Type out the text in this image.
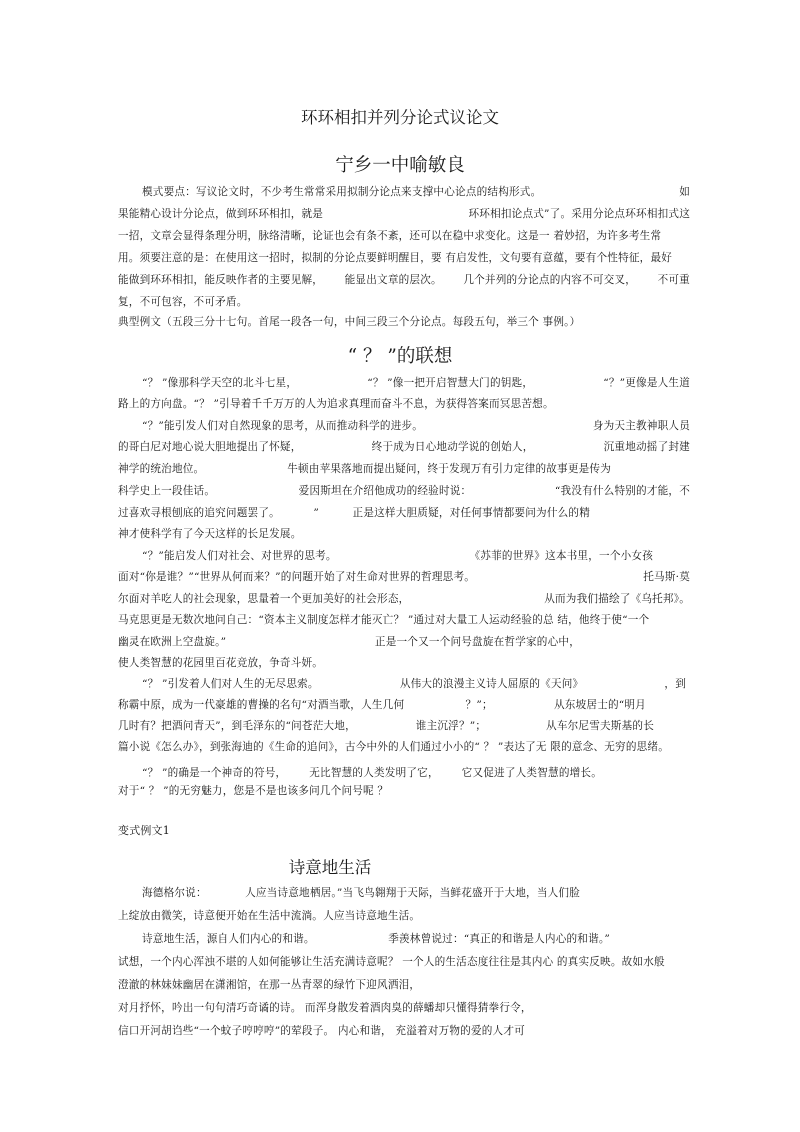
环环相扣并列分论式议论文
宁乡一中喻敏良
模式要点：写议论文时，不少考生常常采用拟制分论点来支撑中心论点的结构形式。	如
果能精心设计分论点，做到环环相扣，就是	环环相扣论点式”了。采用分论点环环相扣式这
一招，文章会显得条理分明，脉络清晰，论证也会有条不紊，还可以在稳中求变化。这是一 着妙招，为许多考生常
用。须要注意的是：在使用这一招时，拟制的分论点要鲜明醒目，要 有启发性，文句要有意蕴，要有个性特征，最好
能做到环环相扣，能反映作者的主要见解， 能显出文章的层次。 几个并列的分论点的内容不可交叉， 不可重
复，不可包容，不可矛盾。
典型例文（五段三分十七句。首尾一段各一句，中间三段三个分论点。每段五句，举三个 事例。）
“ ？ ”的联想
“？ ”像那科学天空的北斗七星，	“？ ”像一把开启智慧大门的钥匙，	“？”更像是人生道
路上的方向盘。“？ ”引导着千千万万的人为追求真理而奋斗不息，为获得答案而冥思苦想。
“？”能引发人们对自然现象的思考，从而推动科学的进步。	身为天主教神职人员
的哥白尼对地心说大胆地提出了怀疑，	终于成为日心地动学说的创始人，	沉重地动摇了封建
神学的统治地位。	牛顿由苹果落地而提出疑问，终于发现万有引力定律的故事更是传为
科学史上一段佳话。	爱因斯坦在介绍他成功的经验时说：	“我没有什么特别的才能，不
过喜欢寻根刨底的追究问题罢了。	”	正是这样大胆质疑，对任何事情都要问为什么的精
神才使科学有了今天这样的长足发展。
“？”能启发人们对社会、对世界的思考。	《苏菲的世界》这本书里，一个小女孩
面对“你是谁？”“世界从何而来？”的问题开始了对生命对世界的哲理思考。	托马斯·莫
尔面对羊吃人的社会现象，思量着一个更加美好的社会形态，	从而为我们描绘了《乌托邦》。
马克思更是无数次地问自己：“资本主义制度怎样才能灭亡？ ”通过对大量工人运动经验的总 结，他终于使“一个
幽灵在欧洲上空盘旋。”	正是一个又一个问号盘旋在哲学家的心中，
使人类智慧的花园里百花竞放，争奇斗妍。
“？ ”引发着人们对人生的无尽思索。	从伟大的浪漫主义诗人屈原的《天问》	，到
称霸中原，成为一代豪雄的曹操的名句“对酒当歌，人生几何	？”；	从东坡居士的“明月
几时有？把酒问青天”，到毛泽东的“问苍茫大地，	谁主沉浮？”；	从车尔尼雪夫斯基的长
篇小说《怎么办》，到张海迪的《生命的追问》，古今中外的人们通过小小的“ ？ ”表达了无 限的意念、无穷的思绪。
“？ ”的确是一个神奇的符号， 无比智慧的人类发明了它， 它又促进了人类智慧的增长。
对于“ ？ ”的无穷魅力，您是不是也该多问几个问号呢 ？
变式例文1
诗意地生活
海德格尔说：	人应当诗意地栖居。”当飞鸟翱翔于天际，当鲜花盛开于大地，当人们脸
上绽放由微笑，诗意便开始在生活中流淌。人应当诗意地生活。
诗意地生活，源自人们内心的和谐。	季羡林曾说过：“真正的和谐是人内心的和谐。”
试想，一个内心浑浊不堪的人如何能够让生活充满诗意呢？ 一个人的生活态度往往是其内心 的真实反映。故如水般
澄澈的林妹妹幽居在潇湘馆，在那一丛青翠的绿竹下迎风洒泪，
对月抒怀，吟出一句句清巧奇谲的诗。 而浑身散发着酒肉臭的薛蟠却只懂得猜拳行令，
信口开河胡诌些“一个蚊子哼哼哼”的荤段子。 内心和谐， 充溢着对万物的爱的人才可
